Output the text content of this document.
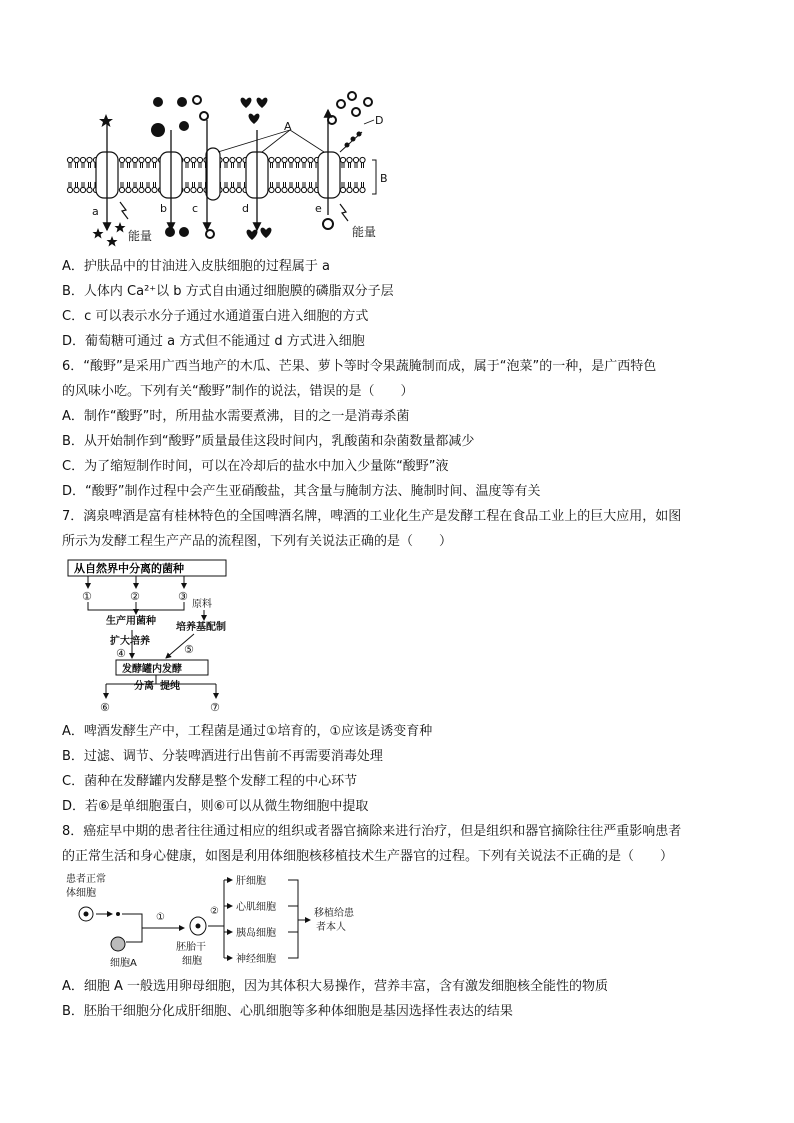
a	b c	d	e
A
B
D
能量	能量
A．护肤品中的甘油进入皮肤细胞的过程属于 a
B．人体内 Ca²⁺以 b 方式自由通过细胞膜的磷脂双分子层
C．c 可以表示水分子通过水通道蛋白进入细胞的方式
D．葡萄糖可通过 a 方式但不能通过 d 方式进入细胞
6．“酸野”是采用广西当地产的木瓜、芒果、萝卜等时令果蔬腌制而成，属于“泡菜”的一种，是广西特色
的风味小吃。下列有关“酸野”制作的说法，错误的是（　　）
A．制作“酸野”时，所用盐水需要煮沸，目的之一是消毒杀菌
B．从开始制作到“酸野”质量最佳这段时间内，乳酸菌和杂菌数量都减少
C．为了缩短制作时间，可以在冷却后的盐水中加入少量陈“酸野”液
D．“酸野”制作过程中会产生亚硝酸盐，其含量与腌制方法、腌制时间、温度等有关
7．漓泉啤酒是富有桂林特色的全国啤酒名牌，啤酒的工业化生产是发酵工程在食品工业上的巨大应用，如图
所示为发酵工程生产产品的流程图，下列有关说法正确的是（　　）
从自然界中分离的菌种
①	②	③
原料
生产用菌种
培养基配制
扩大培养
④	⑤
发酵罐内发酵
分离 提纯
⑥	⑦
A．啤酒发酵生产中，工程菌是通过①培育的，①应该是诱变育种
B．过滤、调节、分装啤酒进行出售前不再需要消毒处理
C．菌种在发酵罐内发酵是整个发酵工程的中心环节
D．若⑥是单细胞蛋白，则⑥可以从微生物细胞中提取
8．癌症早中期的患者往往通过相应的组织或者器官摘除来进行治疗，但是组织和器官摘除往往严重影响患者
的正常生活和身心健康，如图是利用体细胞核移植技术生产器官的过程。下列有关说法不正确的是（　　）
患者正常
体细胞
细胞A
①
②
胚胎干
细胞
肝细胞
心肌细胞
胰岛细胞
神经细胞
移植给患
者本人
A．细胞 A 一般选用卵母细胞，因为其体积大易操作，营养丰富，含有激发细胞核全能性的物质
B．胚胎干细胞分化成肝细胞、心肌细胞等多种体细胞是基因选择性表达的结果
